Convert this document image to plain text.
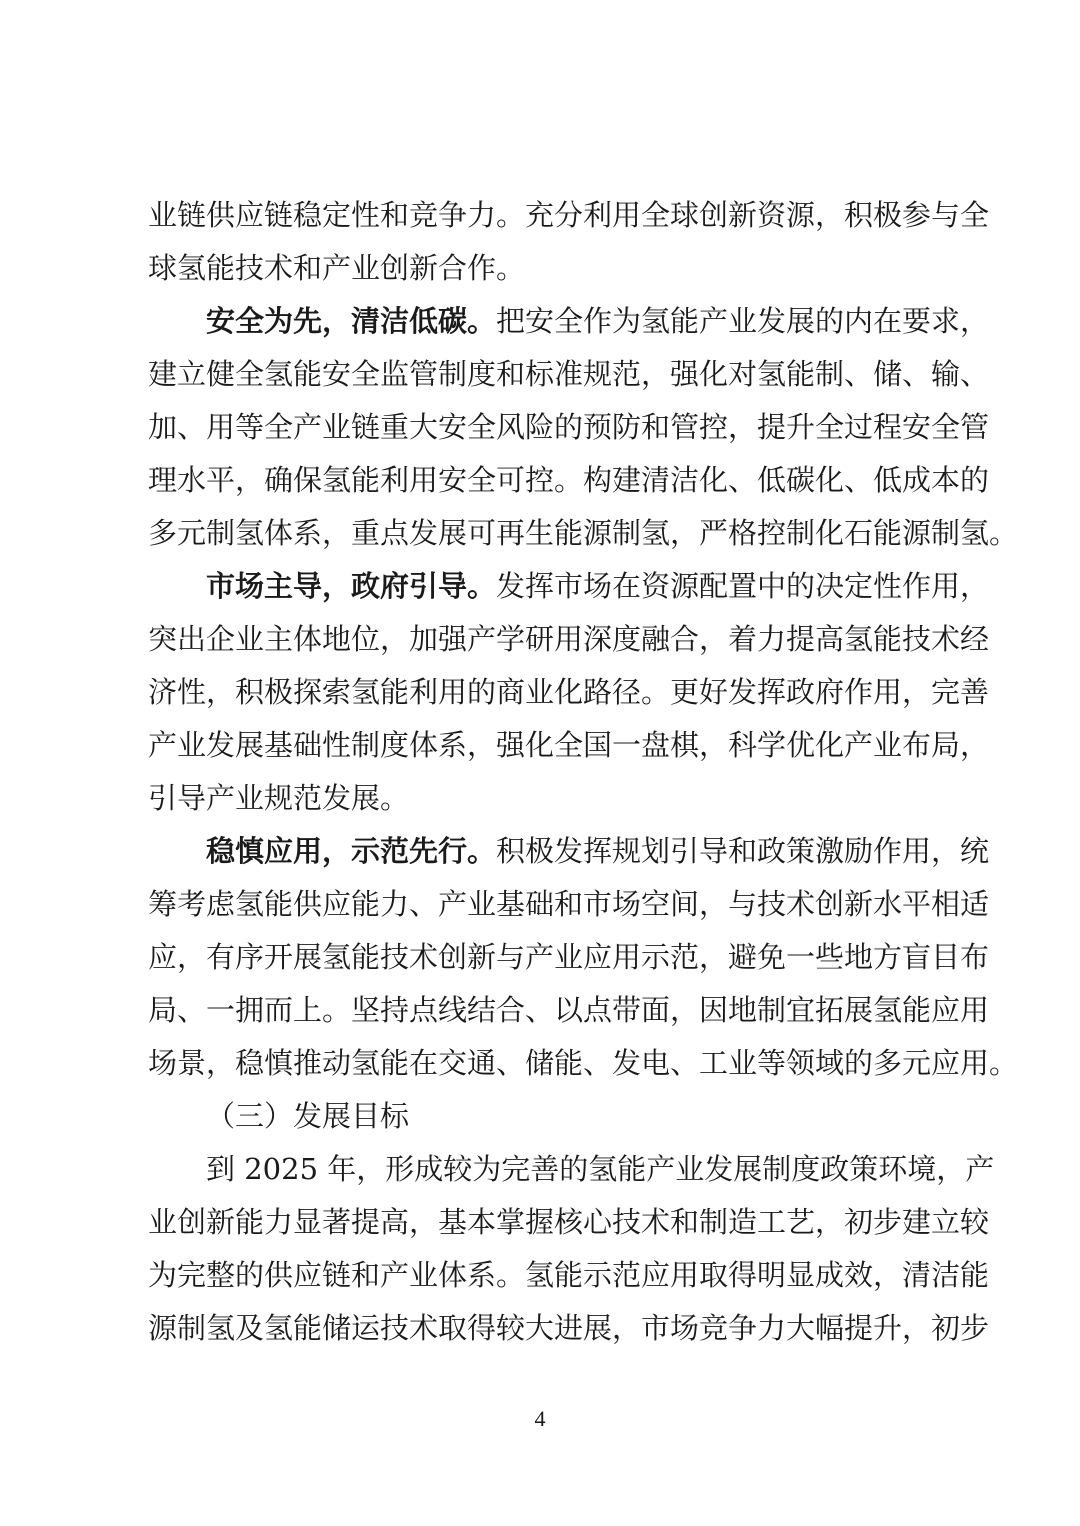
业链供应链稳定性和竞争力。充分利用全球创新资源，积极参与全
球氢能技术和产业创新合作。
安全为先，清洁低碳。把安全作为氢能产业发展的内在要求，
建立健全氢能安全监管制度和标准规范，强化对氢能制、储、输、
加、用等全产业链重大安全风险的预防和管控，提升全过程安全管
理水平，确保氢能利用安全可控。构建清洁化、低碳化、低成本的
多元制氢体系，重点发展可再生能源制氢，严格控制化石能源制氢。
市场主导，政府引导。发挥市场在资源配置中的决定性作用，
突出企业主体地位，加强产学研用深度融合，着力提高氢能技术经
济性，积极探索氢能利用的商业化路径。更好发挥政府作用，完善
产业发展基础性制度体系，强化全国一盘棋，科学优化产业布局，
引导产业规范发展。
稳慎应用，示范先行。积极发挥规划引导和政策激励作用，统
筹考虑氢能供应能力、产业基础和市场空间，与技术创新水平相适
应，有序开展氢能技术创新与产业应用示范，避免一些地方盲目布
局、一拥而上。坚持点线结合、以点带面，因地制宜拓展氢能应用
场景，稳慎推动氢能在交通、储能、发电、工业等领域的多元应用。
（三）发展目标
到 2025 年，形成较为完善的氢能产业发展制度政策环境，产
业创新能力显著提高，基本掌握核心技术和制造工艺，初步建立较
为完整的供应链和产业体系。氢能示范应用取得明显成效，清洁能
源制氢及氢能储运技术取得较大进展，市场竞争力大幅提升，初步
4
